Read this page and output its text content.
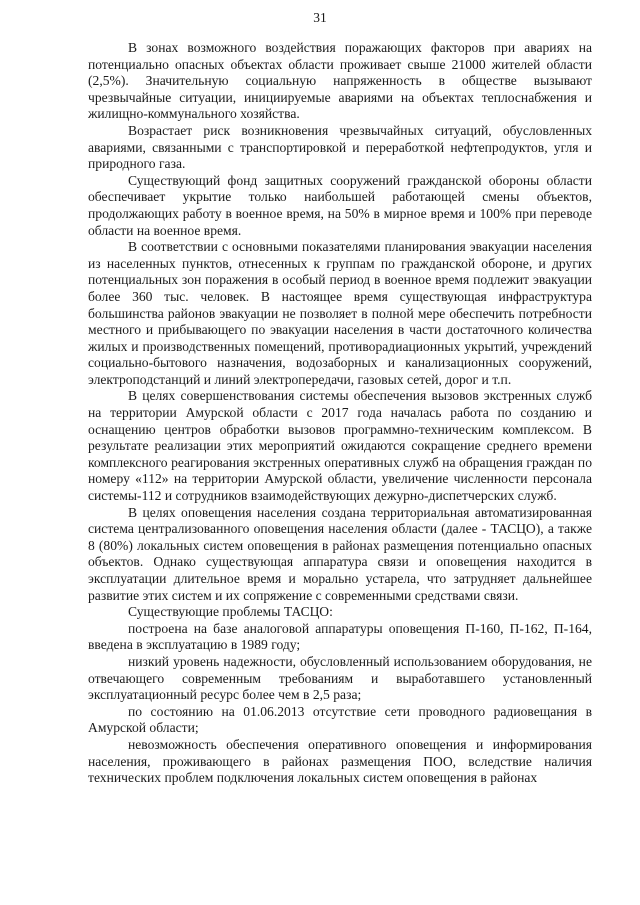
31

В зонах возможного воздействия поражающих факторов при авариях на потенциально опасных объектах области проживает свыше 21000 жителей области (2,5%). Значительную социальную напряженность в обществе вызывают чрезвычайные ситуации, инициируемые авариями на объектах теплоснабжения и жилищно-коммунального хозяйства.

Возрастает риск возникновения чрезвычайных ситуаций, обусловленных авариями, связанными с транспортировкой и переработкой нефтепродуктов, угля и природного газа.

Существующий фонд защитных сооружений гражданской обороны области обеспечивает укрытие только наибольшей работающей смены объектов, продолжающих работу в военное время, на 50% в мирное время и 100% при переводе области на военное время.

В соответствии с основными показателями планирования эвакуации населения из населенных пунктов, отнесенных к группам по гражданской обороне, и других потенциальных зон поражения в особый период в военное время подлежит эвакуации более 360 тыс. человек. В настоящее время существующая инфраструктура большинства районов эвакуации не позволяет в полной мере обеспечить потребности местного и прибывающего по эвакуации населения в части достаточного количества жилых и производственных помещений, противорадиационных укрытий, учреждений социально-бытового назначения, водозаборных и канализационных сооружений, электроподстанций и линий электропередачи, газовых сетей, дорог и т.п.

В целях совершенствования системы обеспечения вызовов экстренных служб на территории Амурской области с 2017 года началась работа по созданию и оснащению центров обработки вызовов программно-техническим комплексом. В результате реализации этих мероприятий ожидаются сокращение среднего времени комплексного реагирования экстренных оперативных служб на обращения граждан по номеру «112» на территории Амурской области, увеличение численности персонала системы-112 и сотрудников взаимодействующих дежурно-диспетчерских служб.

В целях оповещения населения создана территориальная автоматизированная система централизованного оповещения населения области (далее - ТАСЦО), а также 8 (80%) локальных систем оповещения в районах размещения потенциально опасных объектов. Однако существующая аппаратура связи и оповещения находится в эксплуатации длительное время и морально устарела, что затрудняет дальнейшее развитие этих систем и их сопряжение с современными средствами связи.

Существующие проблемы ТАСЦО:

построена на базе аналоговой аппаратуры оповещения П-160, П-162, П-164, введена в эксплуатацию в 1989 году;

низкий уровень надежности, обусловленный использованием оборудования, не отвечающего современным требованиям и выработавшего установленный эксплуатационный ресурс более чем в 2,5 раза;

по состоянию на 01.06.2013 отсутствие сети проводного радиовещания в Амурской области;

невозможность обеспечения оперативного оповещения и информирования населения, проживающего в районах размещения ПОО, вследствие наличия технических проблем подключения локальных систем оповещения в районах
